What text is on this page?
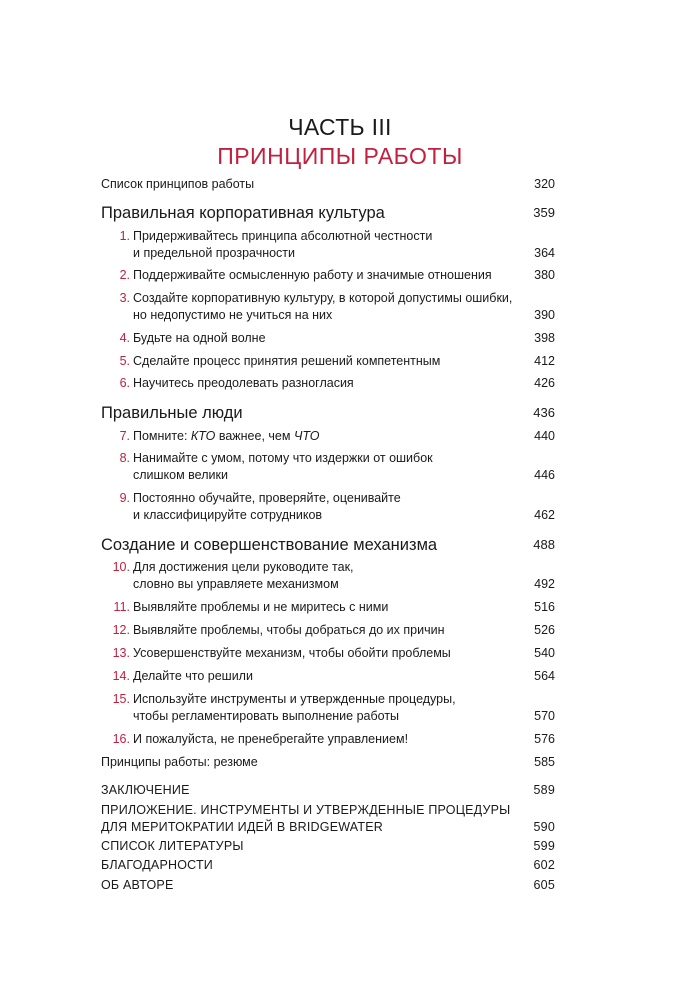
ЧАСТЬ III
ПРИНЦИПЫ РАБОТЫ
Список принципов работы	320
Правильная корпоративная культура	359
1. Придерживайтесь принципа абсолютной честности
и предельной прозрачности	364
2. Поддерживайте осмысленную работу и значимые отношения	380
3. Создайте корпоративную культуру, в которой допустимы ошибки,
но недопустимо не учиться на них	390
4. Будьте на одной волне	398
5. Сделайте процесс принятия решений компетентным	412
6. Научитесь преодолевать разногласия	426
Правильные люди	436
7. Помните: КТО важнее, чем ЧТО	440
8. Нанимайте с умом, потому что издержки от ошибок
слишком велики	446
9. Постоянно обучайте, проверяйте, оценивайте
и классифицируйте сотрудников	462
Создание и совершенствование механизма	488
10. Для достижения цели руководите так,
словно вы управляете механизмом	492
11. Выявляйте проблемы и не миритесь с ними	516
12. Выявляйте проблемы, чтобы добраться до их причин	526
13. Усовершенствуйте механизм, чтобы обойти проблемы	540
14. Делайте что решили	564
15. Используйте инструменты и утвержденные процедуры,
чтобы регламентировать выполнение работы	570
16. И пожалуйста, не пренебрегайте управлением!	576
Принципы работы: резюме	585
ЗАКЛЮЧЕНИЕ	589
ПРИЛОЖЕНИЕ. ИНСТРУМЕНТЫ И УТВЕРЖДЕННЫЕ ПРОЦЕДУРЫ
ДЛЯ МЕРИТОКРАТИИ ИДЕЙ В BRIDGEWATER	590
СПИСОК ЛИТЕРАТУРЫ	599
БЛАГОДАРНОСТИ	602
ОБ АВТОРЕ	605
